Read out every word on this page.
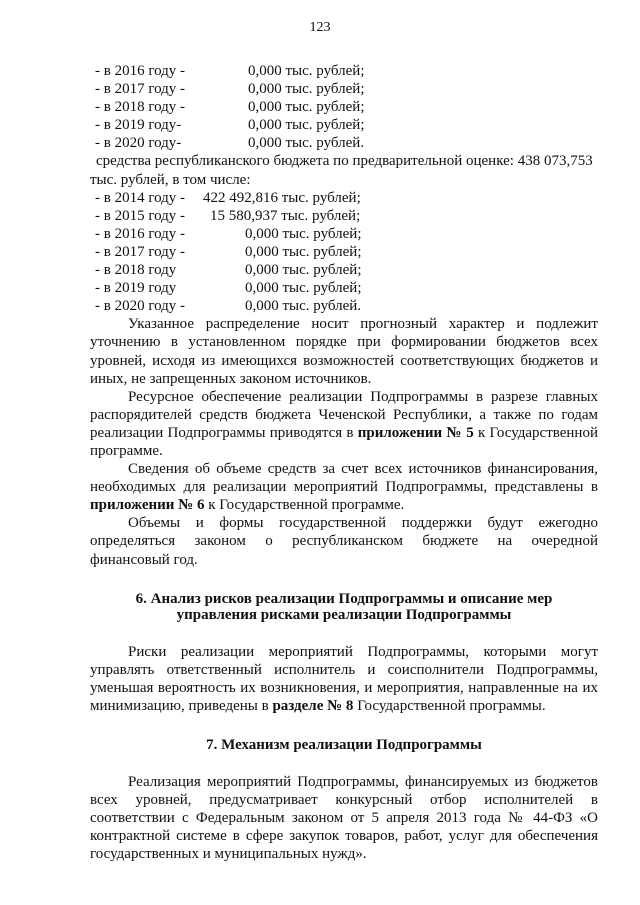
123
- в 2016 году -	0,000 тыс. рублей;
- в 2017 году -	0,000 тыс. рублей;
- в 2018 году -	0,000 тыс. рублей;
- в 2019 году-	0,000 тыс. рублей;
- в 2020 году-	0,000 тыс. рублей.

средства республиканского бюджета по предварительной оценке: 438 073,753

тыс. рублей, в том числе:

- в 2014 году - 422 492,816 тыс. рублей;
- в 2015 году - 15 580,937 тыс. рублей;
- в 2016 году -	0,000 тыс. рублей;
- в 2017 году -	0,000 тыс. рублей;
- в 2018 году	0,000 тыс. рублей;
- в 2019 году	0,000 тыс. рублей;
- в 2020 году -	0,000 тыс. рублей.

Указанное распределение носит прогнозный характер и подлежит уточнению в установленном порядке при формировании бюджетов всех уровней, исходя из имеющихся возможностей соответствующих бюджетов и иных, не запрещенных законом источников.

Ресурсное обеспечение реализации Подпрограммы в разрезе главных распорядителей средств бюджета Чеченской Республики, а также по годам реализации Подпрограммы приводятся в приложении № 5 к Государственной программе.

Сведения об объеме средств за счет всех источников финансирования, необходимых для реализации мероприятий Подпрограммы, представлены в приложении № 6 к Государственной программе.

Объемы и формы государственной поддержки будут ежегодно

определяться законом о республиканском бюджете на очередной

финансовый год.

6. Анализ рисков реализации Подпрограммы и описание мер
управления рисками реализации Подпрограммы

Риски реализации мероприятий Подпрограммы, которыми могут управлять ответственный исполнитель и соисполнители Подпрограммы, уменьшая вероятность их возникновения, и мероприятия, направленные на их минимизацию, приведены в разделе № 8 Государственной программы.

7. Механизм реализации Подпрограммы

Реализация мероприятий Подпрограммы, финансируемых из бюджетов всех уровней, предусматривает конкурсный отбор исполнителей в соответствии с Федеральным законом от 5 апреля 2013 года № 44-ФЗ «О контрактной системе в сфере закупок товаров, работ, услуг для обеспечения государственных и муниципальных нужд».
